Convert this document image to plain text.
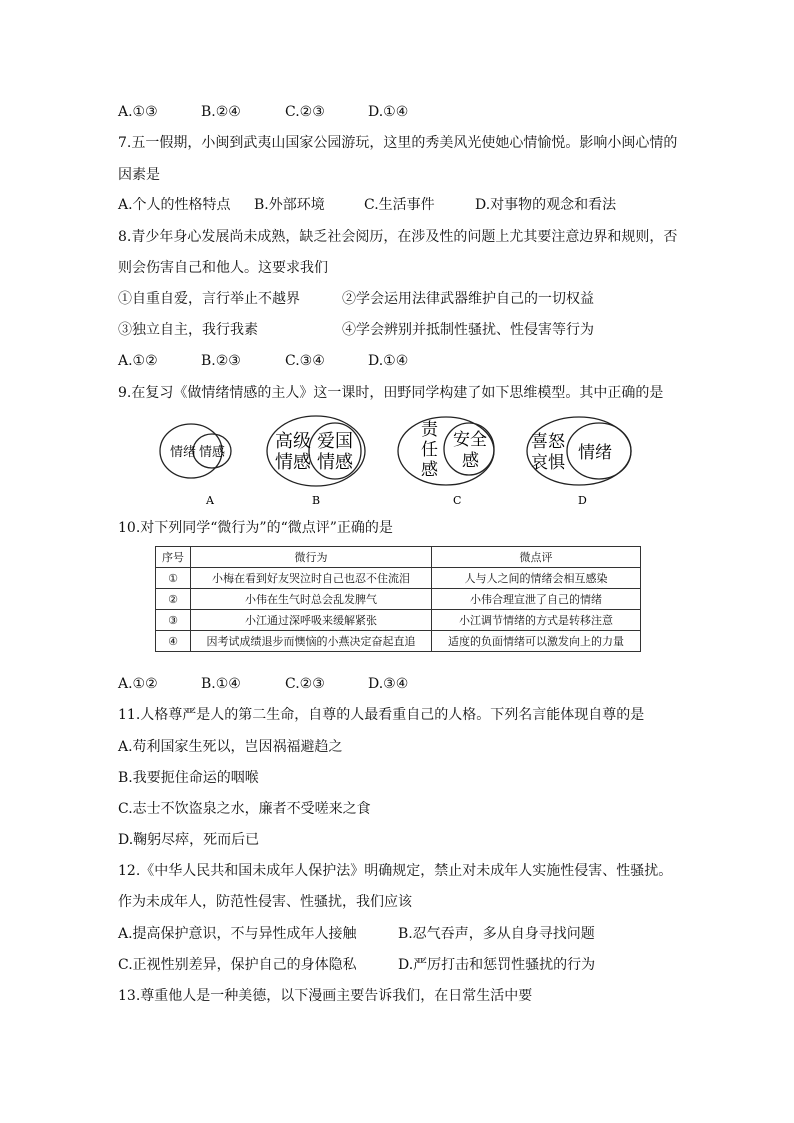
A.①③	B.②④	C.②③	D.①④
7.五一假期，小闽到武夷山国家公园游玩，这里的秀美风光使她心情愉悦。影响小闽心情的
因素是
A.个人的性格特点 B.外部环境	C.生活事件	D.对事物的观念和看法
8.青少年身心发展尚未成熟，缺乏社会阅历，在涉及性的问题上尤其要注意边界和规则，否
则会伤害自己和他人。这要求我们
①自重自爱，言行举止不越界	②学会运用法律武器维护自己的一切权益
③独立自主，我行我素	④学会辨别并抵制性骚扰、性侵害等行为
A.①②	B.②③	C.③④	D.①④
9.在复习《做情绪情感的主人》这一课时，田野同学构建了如下思维模型。其中正确的是
情绪 情感
A
高级
情感
爱国
情感
B
责
任
感
安全
感
C
喜怒
哀惧 情绪
D
10.对下列同学“微行为”的“微点评”正确的是
序号	微行为	微点评
①	小梅在看到好友哭泣时自己也忍不住流泪	人与人之间的情绪会相互感染
②	小伟在生气时总会乱发脾气	小伟合理宣泄了自己的情绪
③	小江通过深呼吸来缓解紧张	小江调节情绪的方式是转移注意
④	因考试成绩退步而懊恼的小燕决定奋起直追	适度的负面情绪可以激发向上的力量
A.①②	B.①④	C.②③	D.③④
11.人格尊严是人的第二生命，自尊的人最看重自己的人格。下列名言能体现自尊的是
A.苟利国家生死以，岂因祸福避趋之
B.我要扼住命运的咽喉
C.志士不饮盗泉之水，廉者不受嗟来之食
D.鞠躬尽瘁，死而后已
12.《中华人民共和国未成年人保护法》明确规定，禁止对未成年人实施性侵害、性骚扰。
作为未成年人，防范性侵害、性骚扰，我们应该
A.提高保护意识，不与异性成年人接触	B.忍气吞声，多从自身寻找问题
C.正视性别差异，保护自己的身体隐私	D.严厉打击和惩罚性骚扰的行为
13.尊重他人是一种美德，以下漫画主要告诉我们，在日常生活中要
